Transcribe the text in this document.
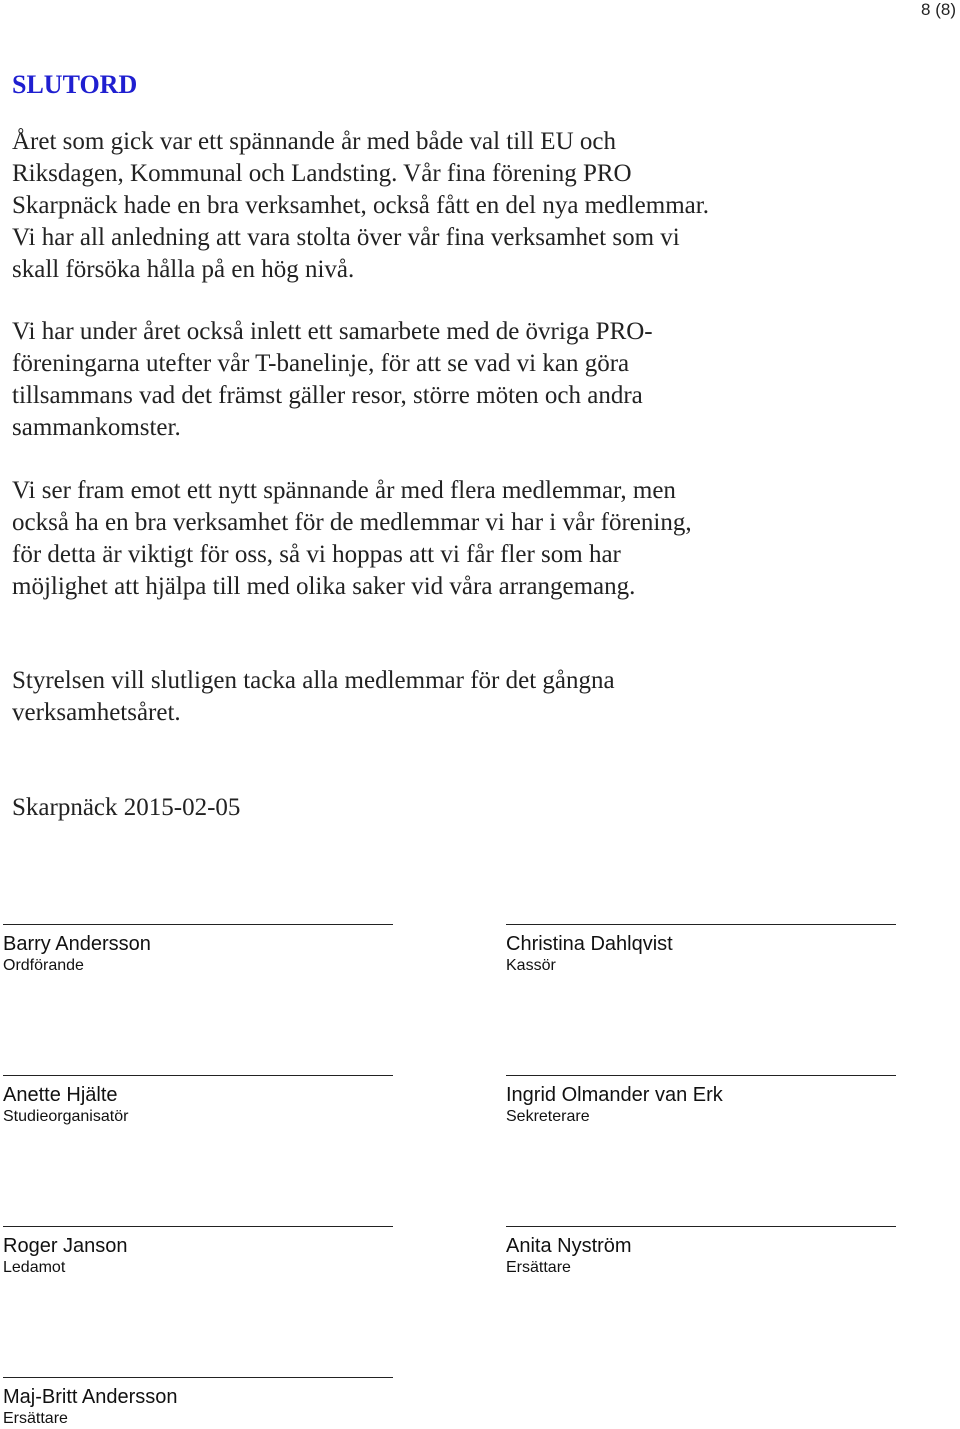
8 (8)
SLUTORD

Året som gick var ett spännande år med både val till EU och Riksdagen, Kommunal och Landsting. Vår fina förening PRO Skarpnäck hade en bra verksamhet, också fått en del nya medlemmar. Vi har all anledning att vara stolta över vår fina verksamhet som vi skall försöka hålla på en hög nivå.

Vi har under året också inlett ett samarbete med de övriga PRO-föreningarna utefter vår T-banelinje, för att se vad vi kan göra tillsammans vad det främst gäller resor, större möten och andra sammankomster.

Vi ser fram emot ett nytt spännande år med flera medlemmar, men också ha en bra verksamhet för de medlemmar vi har i vår förening, för detta är viktigt för oss, så vi hoppas att vi får fler som har möjlighet att hjälpa till med olika saker vid våra arrangemang.

Styrelsen vill slutligen tacka alla medlemmar för det gångna verksamhetsåret.

Skarpnäck 2015-02-05

Barry Andersson
Ordförande
Christina Dahlqvist
Kassör
Anette Hjälte
Studieorganisatör
Ingrid Olmander van Erk
Sekreterare
Roger Janson
Ledamot
Anita Nyström
Ersättare
Maj-Britt Andersson
Ersättare
